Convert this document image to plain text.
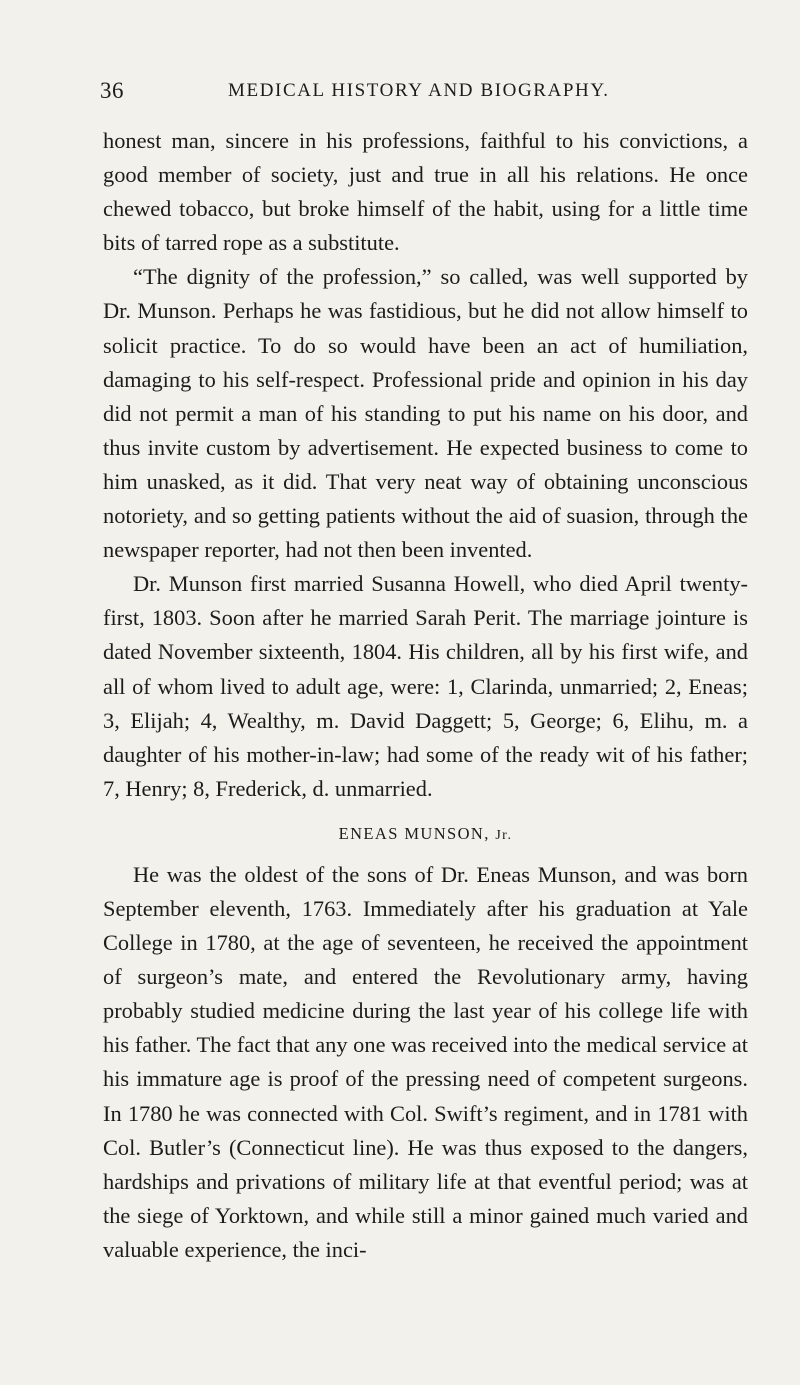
36	MEDICAL HISTORY AND BIOGRAPHY.

honest man, sincere in his professions, faithful to his convictions, a good member of society, just and true in all his relations. He once chewed tobacco, but broke himself of the habit, using for a little time bits of tarred rope as a substitute.

“The dignity of the profession,” so called, was well supported by Dr. Munson. Perhaps he was fastidious, but he did not allow himself to solicit practice. To do so would have been an act of humiliation, damaging to his self-respect. Professional pride and opinion in his day did not permit a man of his standing to put his name on his door, and thus invite custom by advertisement. He expected business to come to him unasked, as it did. That very neat way of obtaining unconscious notoriety, and so getting patients without the aid of suasion, through the newspaper reporter, had not then been invented.

Dr. Munson first married Susanna Howell, who died April twenty-first, 1803. Soon after he married Sarah Perit. The marriage jointure is dated November sixteenth, 1804. His children, all by his first wife, and all of whom lived to adult age, were: 1, Clarinda, unmarried; 2, Eneas; 3, Elijah; 4, Wealthy, m. David Daggett; 5, George; 6, Elihu, m. a daughter of his mother-in-law; had some of the ready wit of his father; 7, Henry; 8, Frederick, d. unmarried.

ENEAS MUNSON, Jr.

He was the oldest of the sons of Dr. Eneas Munson, and was born September eleventh, 1763. Immediately after his graduation at Yale College in 1780, at the age of seventeen, he received the appointment of surgeon’s mate, and entered the Revolutionary army, having probably studied medicine during the last year of his college life with his father. The fact that any one was received into the medical service at his immature age is proof of the pressing need of competent surgeons. In 1780 he was connected with Col. Swift’s regiment, and in 1781 with Col. Butler’s (Connecticut line). He was thus exposed to the dangers, hardships and privations of military life at that eventful period; was at the siege of Yorktown, and while still a minor gained much varied and valuable experience, the inci-
